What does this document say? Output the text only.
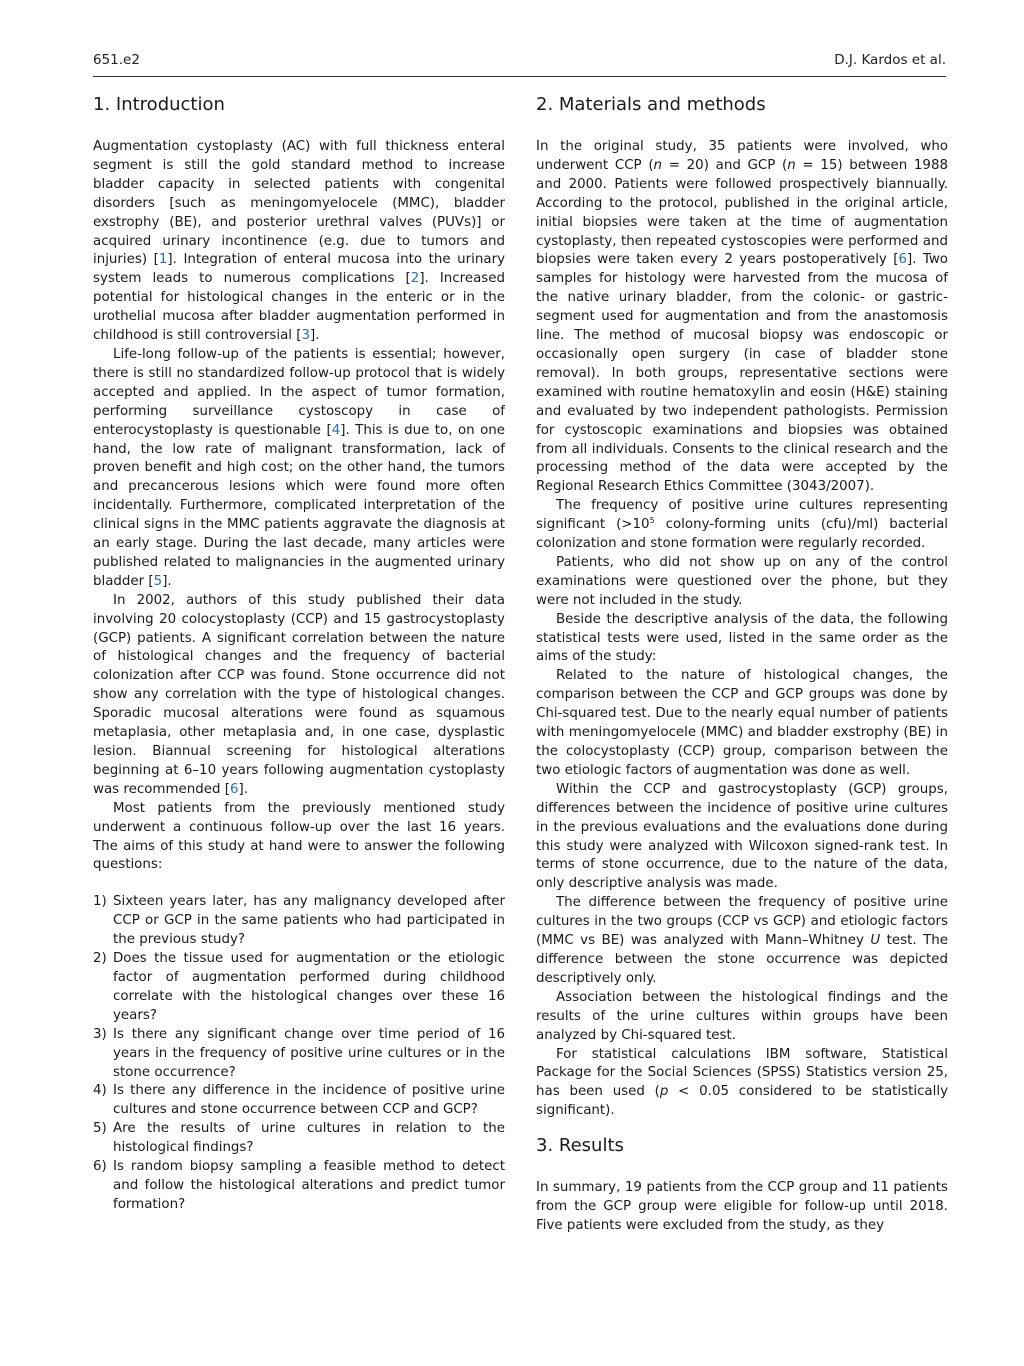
651.e2	D.J. Kardos et al.
1. Introduction

Augmentation cystoplasty (AC) with full thickness enteral segment is still the gold standard method to increase bladder capacity in selected patients with congenital disorders [such as meningomyelocele (MMC), bladder exstrophy (BE), and posterior urethral valves (PUVs)] or acquired urinary incontinence (e.g. due to tumors and injuries) [1]. Integration of enteral mucosa into the urinary system leads to numerous complications [2]. Increased potential for histological changes in the enteric or in the urothelial mucosa after bladder augmentation performed in childhood is still controversial [3].

Life-long follow-up of the patients is essential; however, there is still no standardized follow-up protocol that is widely accepted and applied. In the aspect of tumor formation, performing surveillance cystoscopy in case of enterocystoplasty is questionable [4]. This is due to, on one hand, the low rate of malignant transformation, lack of proven benefit and high cost; on the other hand, the tumors and precancerous lesions which were found more often incidentally. Furthermore, complicated interpretation of the clinical signs in the MMC patients aggravate the diagnosis at an early stage. During the last decade, many articles were published related to malignancies in the augmented urinary bladder [5].

In 2002, authors of this study published their data involving 20 colocystoplasty (CCP) and 15 gastrocystoplasty (GCP) patients. A significant correlation between the nature of histological changes and the frequency of bacterial colonization after CCP was found. Stone occurrence did not show any correlation with the type of histological changes. Sporadic mucosal alterations were found as squamous metaplasia, other metaplasia and, in one case, dysplastic lesion. Biannual screening for histological alterations beginning at 6–10 years following augmentation cystoplasty was recommended [6].

Most patients from the previously mentioned study underwent a continuous follow-up over the last 16 years. The aims of this study at hand were to answer the following questions:

1) Sixteen years later, has any malignancy developed after CCP or GCP in the same patients who had participated in the previous study?
2) Does the tissue used for augmentation or the etiologic factor of augmentation performed during childhood correlate with the histological changes over these 16 years?
3) Is there any significant change over time period of 16 years in the frequency of positive urine cultures or in the stone occurrence?
4) Is there any difference in the incidence of positive urine cultures and stone occurrence between CCP and GCP?
5) Are the results of urine cultures in relation to the histological findings?
6) Is random biopsy sampling a feasible method to detect and follow the histological alterations and predict tumor formation?
2. Materials and methods

In the original study, 35 patients were involved, who underwent CCP (n = 20) and GCP (n = 15) between 1988 and 2000. Patients were followed prospectively biannually. According to the protocol, published in the original article, initial biopsies were taken at the time of augmentation cystoplasty, then repeated cystoscopies were performed and biopsies were taken every 2 years postoperatively [6]. Two samples for histology were harvested from the mucosa of the native urinary bladder, from the colonic- or gastric-segment used for augmentation and from the anastomosis line. The method of mucosal biopsy was endoscopic or occasionally open surgery (in case of bladder stone removal). In both groups, representative sections were examined with routine hematoxylin and eosin (H&E) staining and evaluated by two independent pathologists. Permission for cystoscopic examinations and biopsies was obtained from all individuals. Consents to the clinical research and the processing method of the data were accepted by the Regional Research Ethics Committee (3043/2007).

The frequency of positive urine cultures representing significant ($>10^5$ colony-forming units (cfu)/ml) bacterial colonization and stone formation were regularly recorded.

Patients, who did not show up on any of the control examinations were questioned over the phone, but they were not included in the study.

Beside the descriptive analysis of the data, the following statistical tests were used, listed in the same order as the aims of the study:

Related to the nature of histological changes, the comparison between the CCP and GCP groups was done by Chi-squared test. Due to the nearly equal number of patients with meningomyelocele (MMC) and bladder exstrophy (BE) in the colocystoplasty (CCP) group, comparison between the two etiologic factors of augmentation was done as well.

Within the CCP and gastrocystoplasty (GCP) groups, differences between the incidence of positive urine cultures in the previous evaluations and the evaluations done during this study were analyzed with Wilcoxon signed-rank test. In terms of stone occurrence, due to the nature of the data, only descriptive analysis was made.

The difference between the frequency of positive urine cultures in the two groups (CCP vs GCP) and etiologic factors (MMC vs BE) was analyzed with Mann–Whitney U test. The difference between the stone occurrence was depicted descriptively only.

Association between the histological findings and the results of the urine cultures within groups have been analyzed by Chi-squared test.

For statistical calculations IBM software, Statistical Package for the Social Sciences (SPSS) Statistics version 25, has been used (p < 0.05 considered to be statistically significant).

3. Results

In summary, 19 patients from the CCP group and 11 patients from the GCP group were eligible for follow-up until 2018. Five patients were excluded from the study, as they
